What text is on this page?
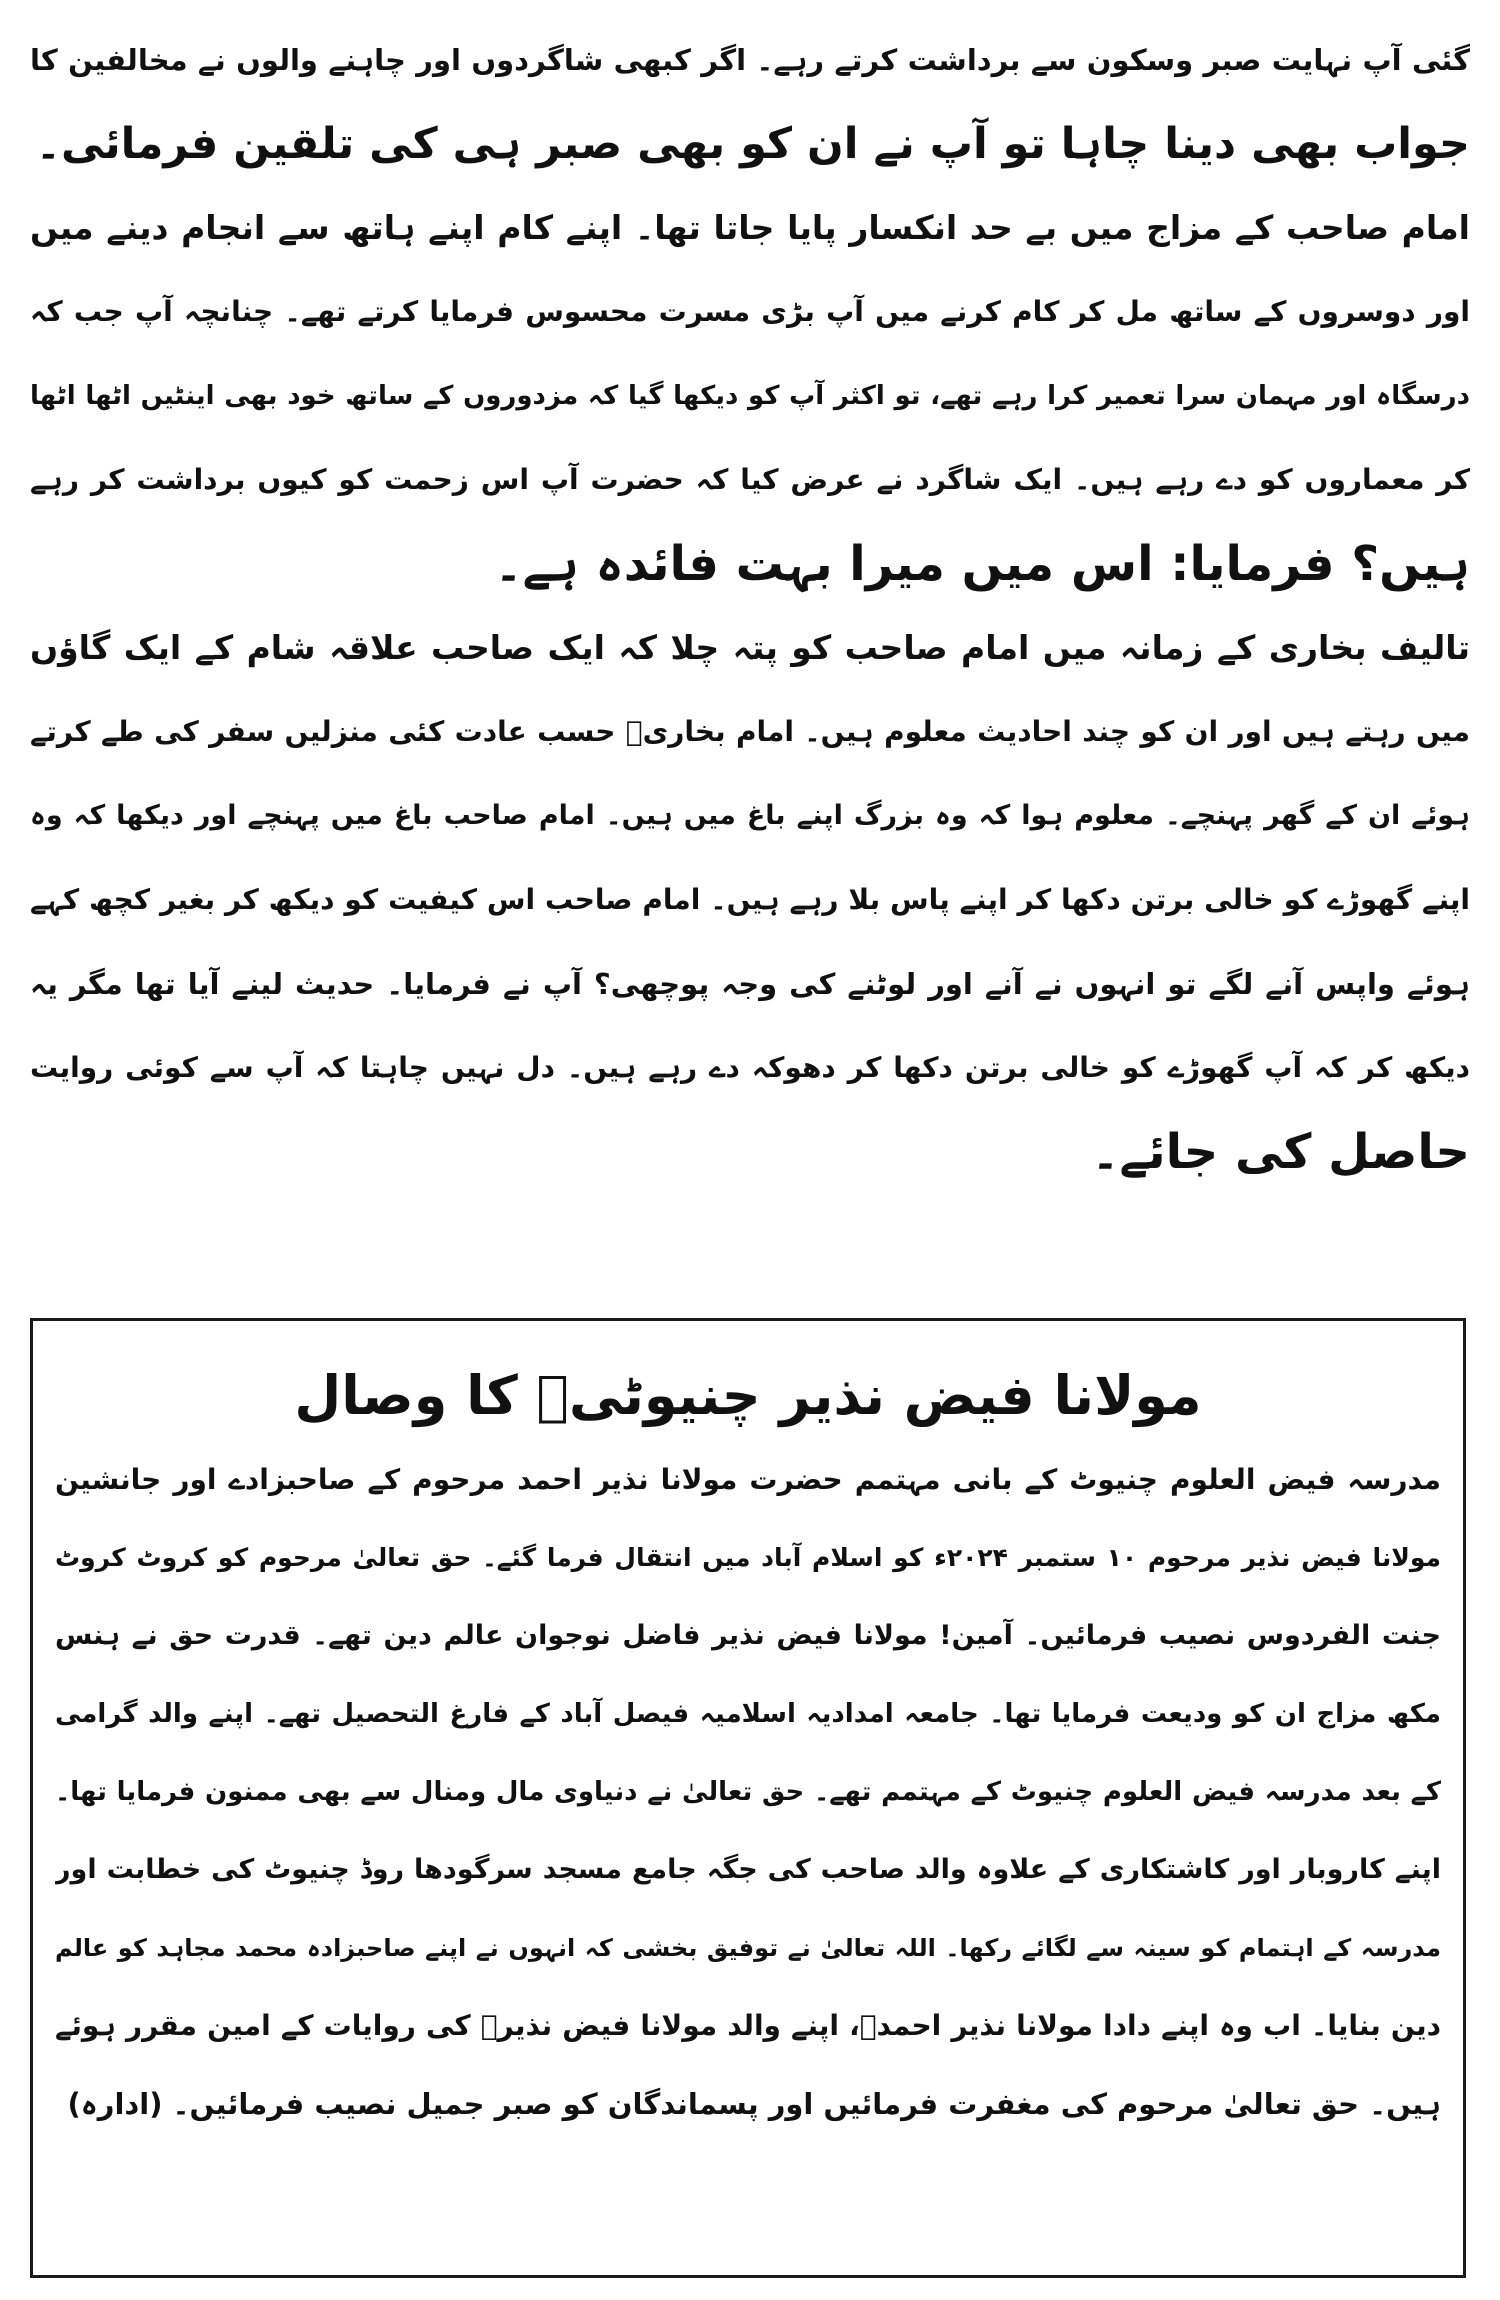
گئی آپ نہایت صبر وسکون سے برداشت کرتے رہے۔ اگر کبھی شاگردوں اور چاہنے والوں نے مخالفین کا
جواب بھی دینا چاہا تو آپ نے ان کو بھی صبر ہی کی تلقین فرمائی۔
امام صاحب کے مزاج میں بے حد انکسار پایا جاتا تھا۔ اپنے کام اپنے ہاتھ سے انجام دینے میں
اور دوسروں کے ساتھ مل کر کام کرنے میں آپ بڑی مسرت محسوس فرمایا کرتے تھے۔ چنانچہ آپ جب کہ
درسگاہ اور مہمان سرا تعمیر کرا رہے تھے، تو اکثر آپ کو دیکھا گیا کہ مزدوروں کے ساتھ خود بھی اینٹیں اٹھا اٹھا
کر معماروں کو دے رہے ہیں۔ ایک شاگرد نے عرض کیا کہ حضرت آپ اس زحمت کو کیوں برداشت کر رہے
ہیں؟ فرمایا: اس میں میرا بہت فائدہ ہے۔
تالیف بخاری کے زمانہ میں امام صاحب کو پتہ چلا کہ ایک صاحب علاقہ شام کے ایک گاؤں
میں رہتے ہیں اور ان کو چند احادیث معلوم ہیں۔ امام بخاریؒ حسب عادت کئی منزلیں سفر کی طے کرتے
ہوئے ان کے گھر پہنچے۔ معلوم ہوا کہ وہ بزرگ اپنے باغ میں ہیں۔ امام صاحب باغ میں پہنچے اور دیکھا کہ وہ
اپنے گھوڑے کو خالی برتن دکھا کر اپنے پاس بلا رہے ہیں۔ امام صاحب اس کیفیت کو دیکھ کر بغیر کچھ کہے
ہوئے واپس آنے لگے تو انہوں نے آنے اور لوٹنے کی وجہ پوچھی؟ آپ نے فرمایا۔ حدیث لینے آیا تھا مگر یہ
دیکھ کر کہ آپ گھوڑے کو خالی برتن دکھا کر دھوکہ دے رہے ہیں۔ دل نہیں چاہتا کہ آپ سے کوئی روایت
حاصل کی جائے۔
مولانا فیض نذیر چنیوٹیؒ کا وصال
مدرسہ فیض العلوم چنیوٹ کے بانی مہتمم حضرت مولانا نذیر احمد مرحوم کے صاحبزادے اور جانشین
مولانا فیض نذیر مرحوم ۱۰ ستمبر ۲۰۲۴ء کو اسلام آباد میں انتقال فرما گئے۔ حق تعالیٰ مرحوم کو کروٹ کروٹ
جنت الفردوس نصیب فرمائیں۔ آمین! مولانا فیض نذیر فاضل نوجوان عالم دین تھے۔ قدرت حق نے ہنس
مکھ مزاج ان کو ودیعت فرمایا تھا۔ جامعہ امدادیہ اسلامیہ فیصل آباد کے فارغ التحصیل تھے۔ اپنے والد گرامی
کے بعد مدرسہ فیض العلوم چنیوٹ کے مہتمم تھے۔ حق تعالیٰ نے دنیاوی مال ومنال سے بھی ممنون فرمایا تھا۔
اپنے کاروبار اور کاشتکاری کے علاوہ والد صاحب کی جگہ جامع مسجد سرگودھا روڈ چنیوٹ کی خطابت اور
مدرسہ کے اہتمام کو سینہ سے لگائے رکھا۔ اللہ تعالیٰ نے توفیق بخشی کہ انہوں نے اپنے صاحبزادہ محمد مجاہد کو عالم
دین بنایا۔ اب وہ اپنے دادا مولانا نذیر احمدؒ، اپنے والد مولانا فیض نذیرؒ کی روایات کے امین مقرر ہوئے
ہیں۔ حق تعالیٰ مرحوم کی مغفرت فرمائیں اور پسماندگان کو صبر جمیل نصیب فرمائیں۔ (ادارہ)
